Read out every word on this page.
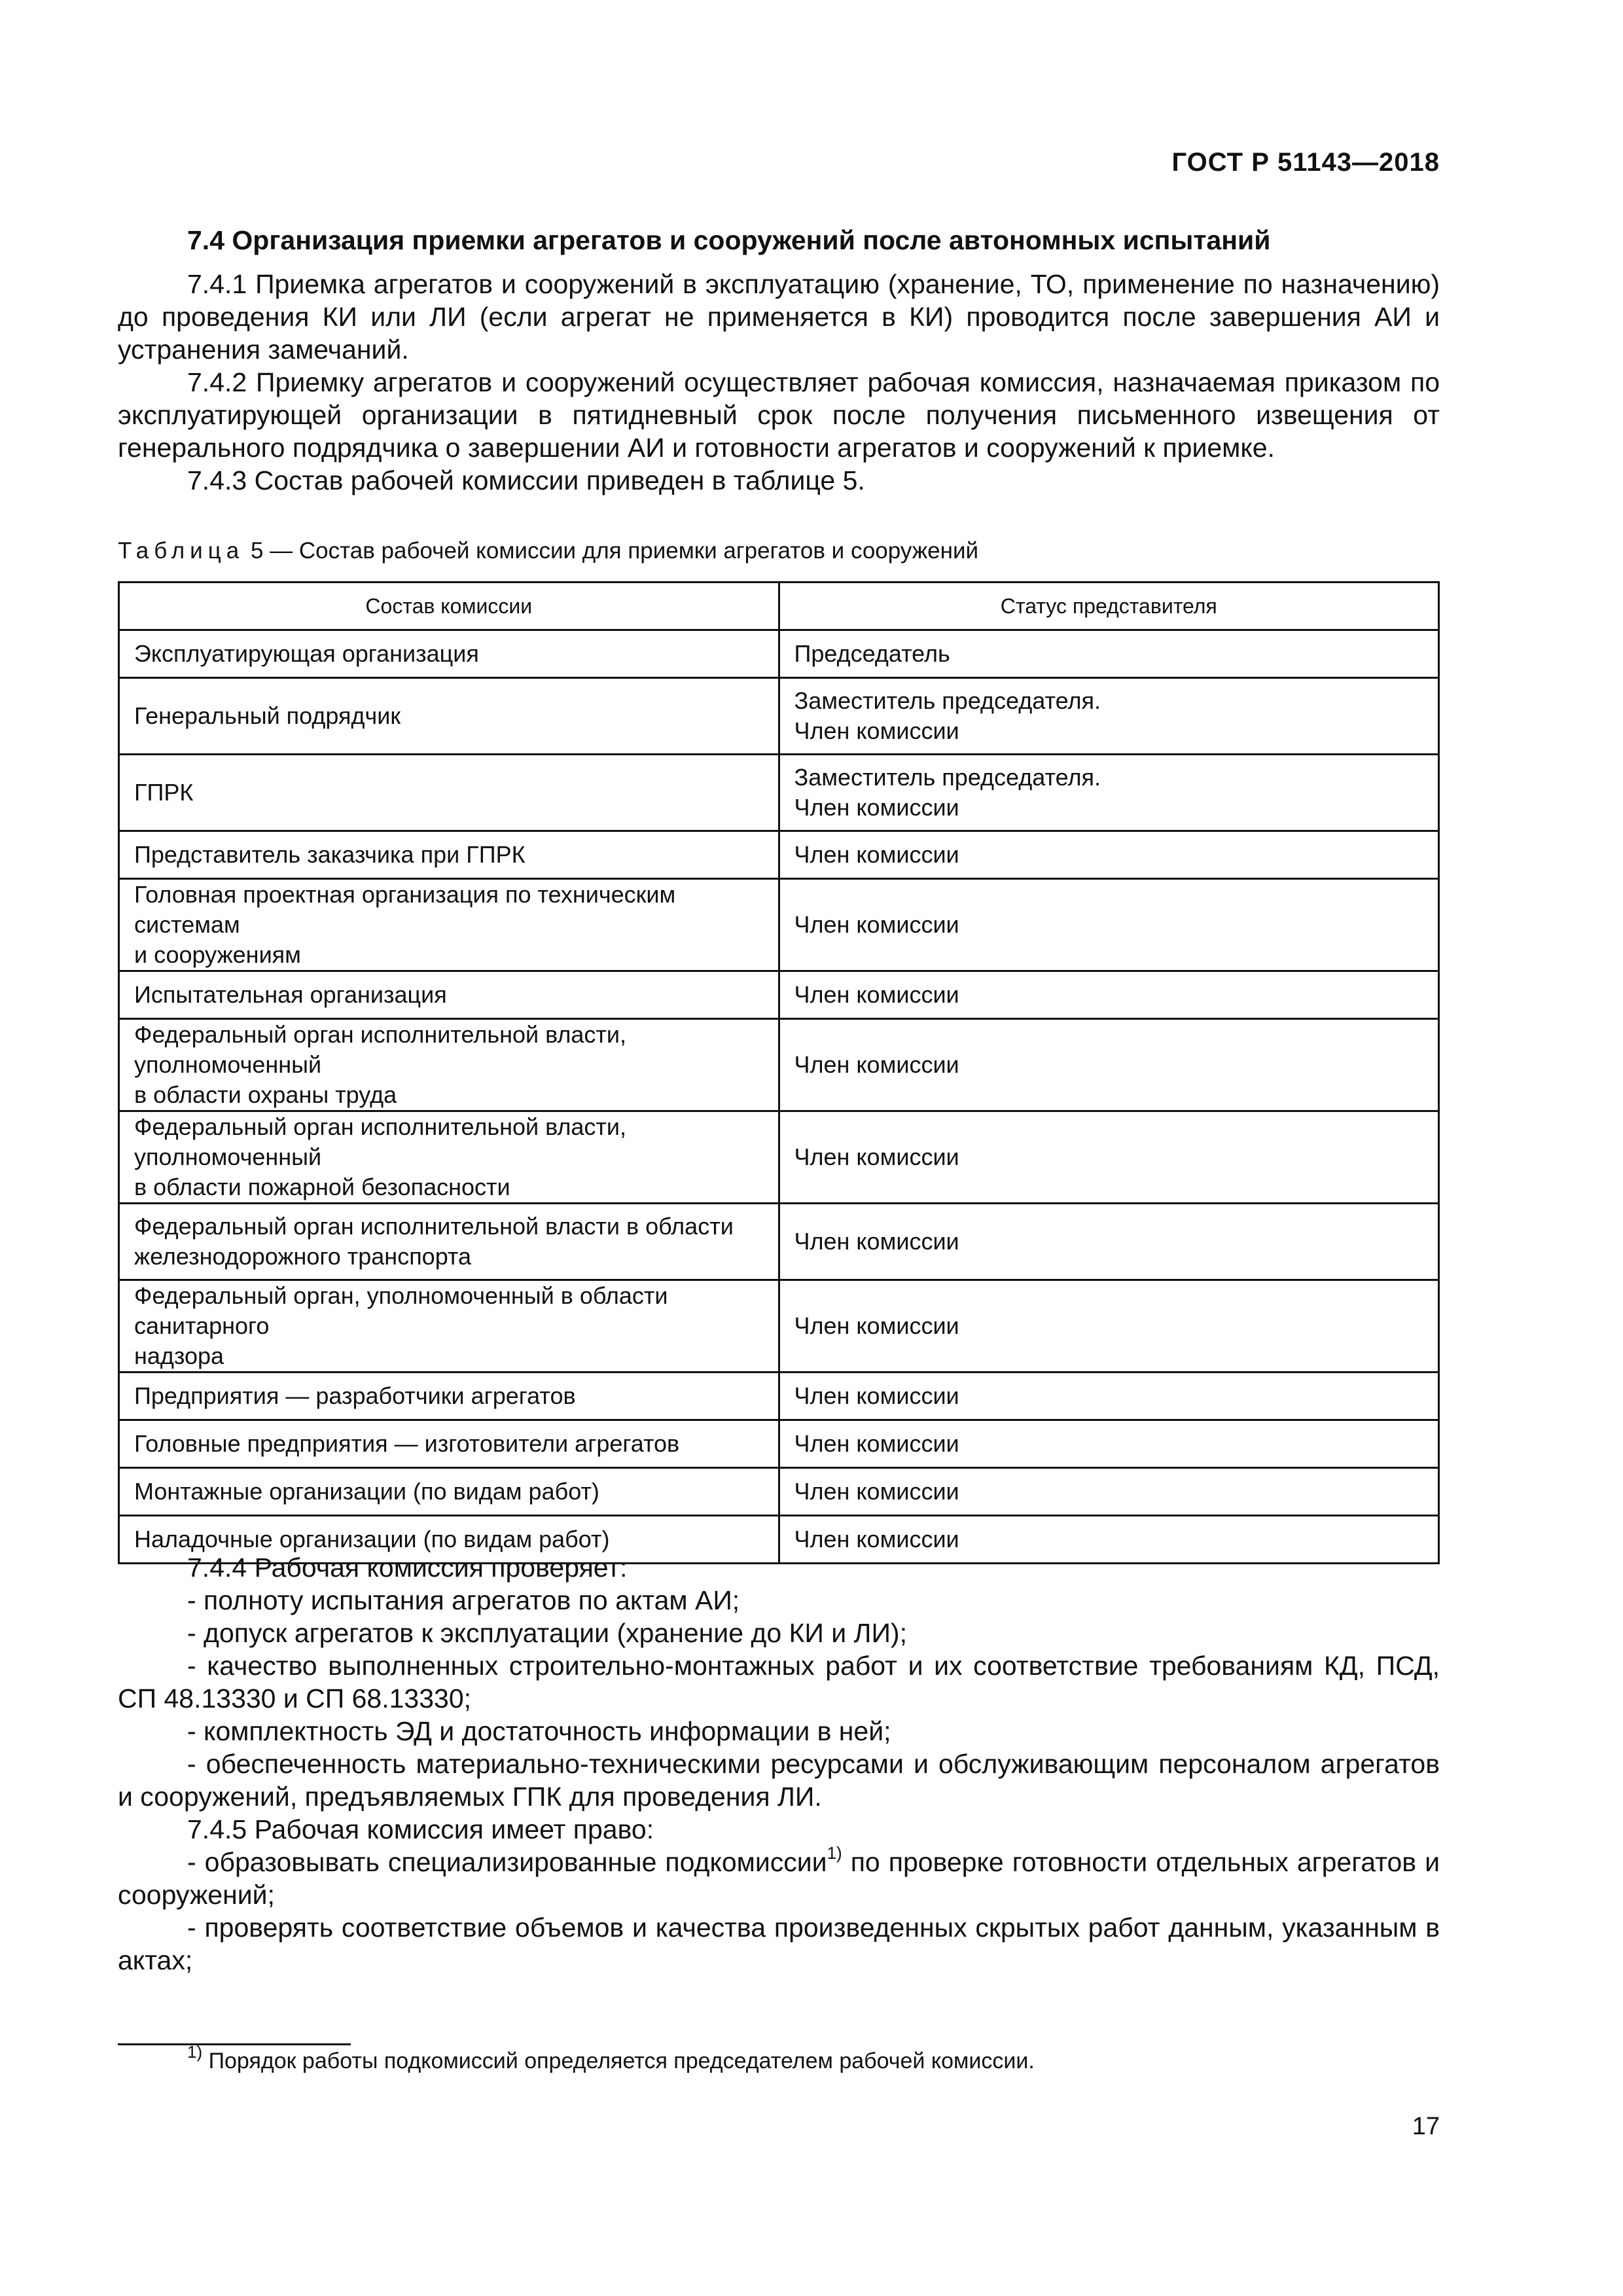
ГОСТ Р 51143—2018
7.4 Организация приемки агрегатов и сооружений после автономных испытаний

7.4.1 Приемка агрегатов и сооружений в эксплуатацию (хранение, ТО, применение по назначению) до проведения КИ или ЛИ (если агрегат не применяется в КИ) проводится после завершения АИ и устранения замечаний.

7.4.2 Приемку агрегатов и сооружений осуществляет рабочая комиссия, назначаемая приказом по эксплуатирующей организации в пятидневный срок после получения письменного извещения от генерального подрядчика о завершении АИ и готовности агрегатов и сооружений к приемке.

7.4.3 Состав рабочей комиссии приведен в таблице 5.

Таблица 5 — Состав рабочей комиссии для приемки агрегатов и сооружений
Состав комиссии	Статус представителя
Эксплуатирующая организация	Председатель
Генеральный подрядчик	Заместитель председателя.
Член комиссии
ГПРК	Заместитель председателя.
Член комиссии
Представитель заказчика при ГПРК	Член комиссии
Головная проектная организация по техническим системам
и сооружениям	Член комиссии
Испытательная организация	Член комиссии
Федеральный орган исполнительной власти, уполномоченный
в области охраны труда	Член комиссии
Федеральный орган исполнительной власти, уполномоченный
в области пожарной безопасности	Член комиссии
Федеральный орган исполнительной власти в области
железнодорожного транспорта	Член комиссии
Федеральный орган, уполномоченный в области санитарного
надзора	Член комиссии
Предприятия — разработчики агрегатов	Член комиссии
Головные предприятия — изготовители агрегатов	Член комиссии
Монтажные организации (по видам работ)	Член комиссии
Наладочные организации (по видам работ)	Член комиссии

7.4.4 Рабочая комиссия проверяет:

- полноту испытания агрегатов по актам АИ;

- допуск агрегатов к эксплуатации (хранение до КИ и ЛИ);

- качество выполненных строительно-монтажных работ и их соответствие требованиям КД, ПСД, СП 48.13330 и СП 68.13330;

- комплектность ЭД и достаточность информации в ней;

- обеспеченность материально-техническими ресурсами и обслуживающим персоналом агрегатов и сооружений, предъявляемых ГПК для проведения ЛИ.

7.4.5 Рабочая комиссия имеет право:

- образовывать специализированные подкомиссии$^{1)}$ по проверке готовности отдельных агрегатов и сооружений;

- проверять соответствие объемов и качества произведенных скрытых работ данным, указанным в актах;

$^{1)}$ Порядок работы подкомиссий определяется председателем рабочей комиссии.
17
